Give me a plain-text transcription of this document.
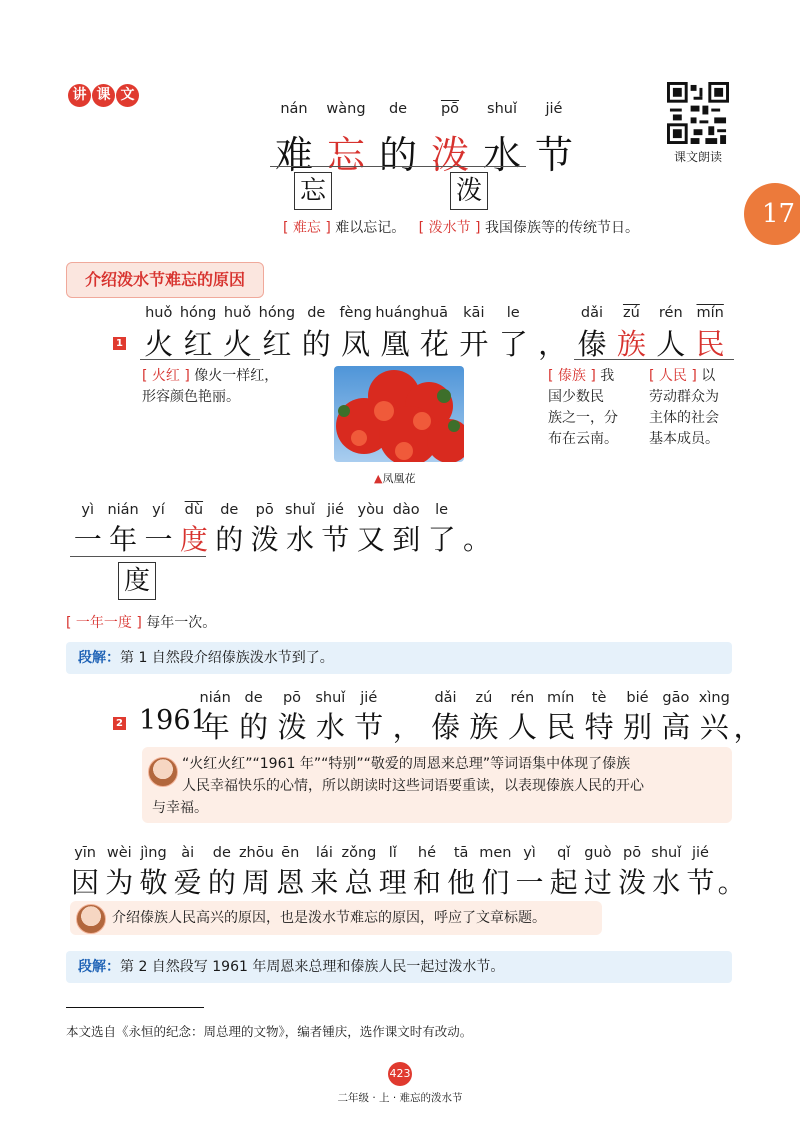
讲 课 文
课文朗读
17
nán	wàng	de	$\overline{pō}$	shuǐ	jié
难 忘 的 泼 水 节
忘	泼
[ 难忘 ] 难以忘记。 [ 泼水节 ] 我国傣族等的传统节日。
介绍泼水节难忘的原因
1
huǒ hóng huǒ hóng de fèng huáng huā	kāi	le	dǎi	$\overline{zú}$	rén $\overline{mín}$
火 红 火 红 的 凤 凰 花 开 了 ， 傣 族 人 民
[ 火红 ] 像火一样红，
形容颜色艳丽。
[ 傣族 ] 我
国少数民
族之一，分
布在云南。
[ 人民 ] 以
劳动群众为
主体的社会
基本成员。
▲凤凰花
yì nián yí	$\overline{dù}$	de	pō shuǐ jié yòu dào	le
一 年 一 度 的 泼 水 节 又 到 了 。
度
[ 一年一度 ] 每年一次。
段解：第 1 自然段介绍傣族泼水节到了。
2
nián de	pō shuǐ	jié	dǎi	zú	rén mín	tè	bié gāo xìng
1961
年 的 泼 水 节 ， 傣 族 人 民 特 别 高 兴 ，
“火红火红”“1961 年”“特别”“敬爱的周恩来总理”等词语集中体现了傣族
人民幸福快乐的心情，所以朗读时这些词语要重读，以表现傣族人民的开心
与幸福。
yīn wèi jìng	ài	de zhōu ēn	lái zǒng lǐ	hé	tā men yì	qǐ guò pō shuǐ jié
因 为 敬 爱 的 周 恩 来 总 理 和 他 们 一 起 过 泼 水 节 。
介绍傣族人民高兴的原因，也是泼水节难忘的原因，呼应了文章标题。
段解：第 2 自然段写 1961 年周恩来总理和傣族人民一起过泼水节。
本文选自《永恒的纪念：周总理的文物》，编者锺庆，选作课文时有改动。
423
二年级 · 上 · 难忘的泼水节
